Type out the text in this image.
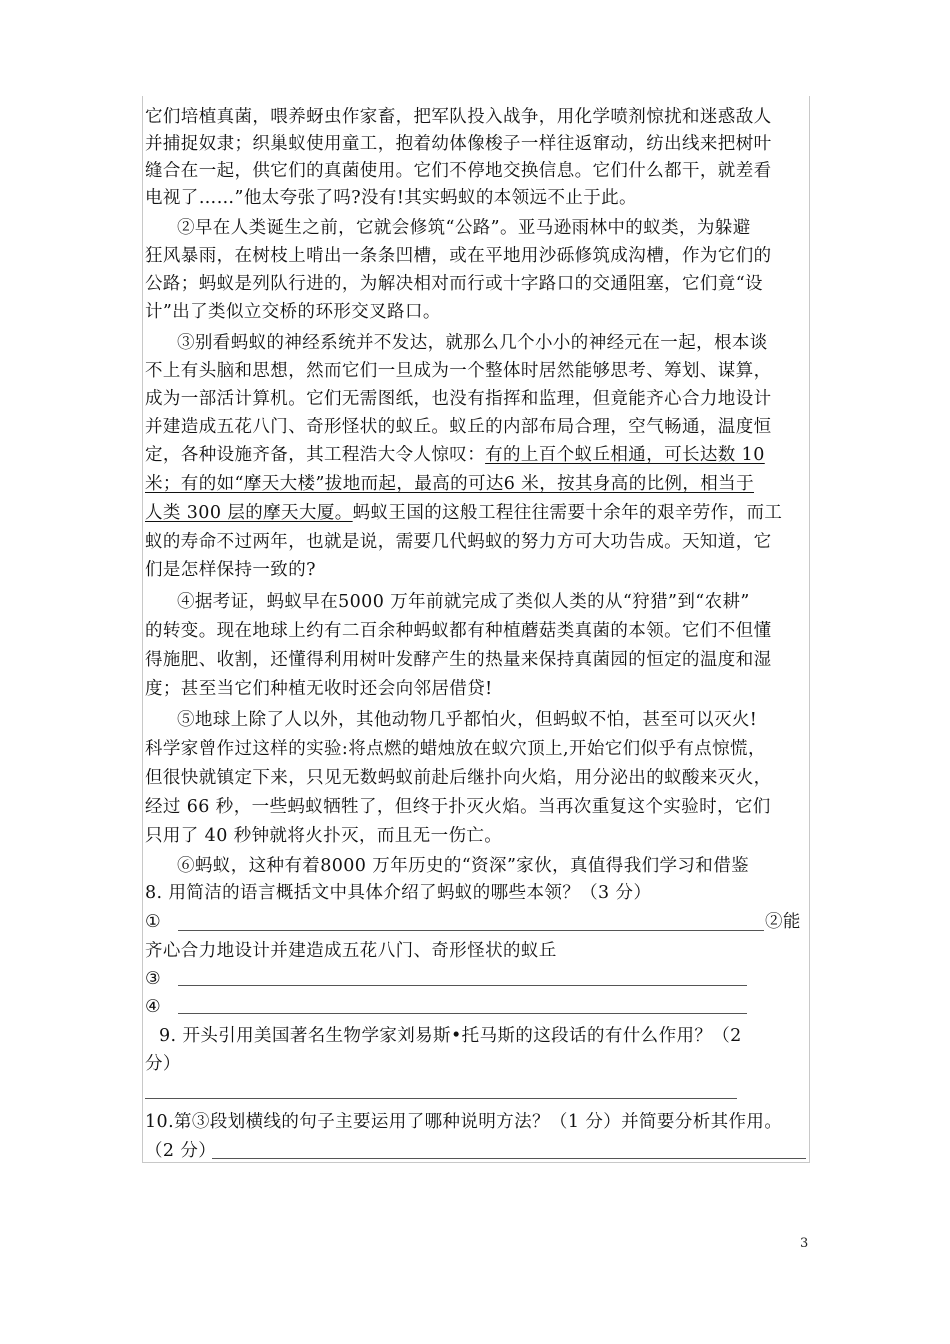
它们培植真菌，喂养蚜虫作家畜，把军队投入战争，用化学喷剂惊扰和迷惑敌人
并捕捉奴隶；织巢蚁使用童工，抱着幼体像梭子一样往返窜动，纺出线来把树叶
缝合在一起，供它们的真菌使用。它们不停地交换信息。它们什么都干，就差看
电视了……”他太夸张了吗?没有!其实蚂蚁的本领远不止于此。
②早在人类诞生之前，它就会修筑“公路”。亚马逊雨林中的蚁类，为躲避
狂风暴雨，在树枝上啃出一条条凹槽，或在平地用沙砾修筑成沟槽，作为它们的
公路；蚂蚁是列队行进的，为解决相对而行或十字路口的交通阻塞，它们竟“设
计”出了类似立交桥的环形交叉路口。
③别看蚂蚁的神经系统并不发达，就那么几个小小的神经元在一起，根本谈
不上有头脑和思想，然而它们一旦成为一个整体时居然能够思考、筹划、谋算，
成为一部活计算机。它们无需图纸，也没有指挥和监理，但竟能齐心合力地设计
并建造成五花八门、奇形怪状的蚁丘。蚁丘的内部布局合理，空气畅通，温度恒
定，各种设施齐备，其工程浩大令人惊叹：有的上百个蚁丘相通，可长达数 10
米；有的如“摩天大楼”拔地而起，最高的可达6 米，按其身高的比例，相当于
人类 300 层的摩天大厦。蚂蚁王国的这般工程往往需要十余年的艰辛劳作，而工
蚁的寿命不过两年，也就是说，需要几代蚂蚁的努力方可大功告成。天知道，它
们是怎样保持一致的?
④据考证，蚂蚁早在5000 万年前就完成了类似人类的从“狩猎”到“农耕”
的转变。现在地球上约有二百余种蚂蚁都有种植蘑菇类真菌的本领。它们不但懂
得施肥、收割，还懂得利用树叶发酵产生的热量来保持真菌园的恒定的温度和湿
度；甚至当它们种植无收时还会向邻居借贷!
⑤地球上除了人以外，其他动物几乎都怕火，但蚂蚁不怕，甚至可以灭火!
科学家曾作过这样的实验:将点燃的蜡烛放在蚁穴顶上,开始它们似乎有点惊慌，
但很快就镇定下来，只见无数蚂蚁前赴后继扑向火焰，用分泌出的蚁酸来灭火，
经过 66 秒，一些蚂蚁牺牲了，但终于扑灭火焰。当再次重复这个实验时，它们
只用了 40 秒钟就将火扑灭，而且无一伤亡。
⑥蚂蚁，这种有着8000 万年历史的“资深”家伙，真值得我们学习和借鉴
8. 用简洁的语言概括文中具体介绍了蚂蚁的哪些本领？（3 分）
①	②能
齐心合力地设计并建造成五花八门、奇形怪状的蚁丘
③
④
9. 开头引用美国著名生物学家刘易斯•托马斯的这段话的有什么作用？（2
分）
10.第③段划横线的句子主要运用了哪种说明方法？（1 分）并简要分析其作用。
（2 分）
3
